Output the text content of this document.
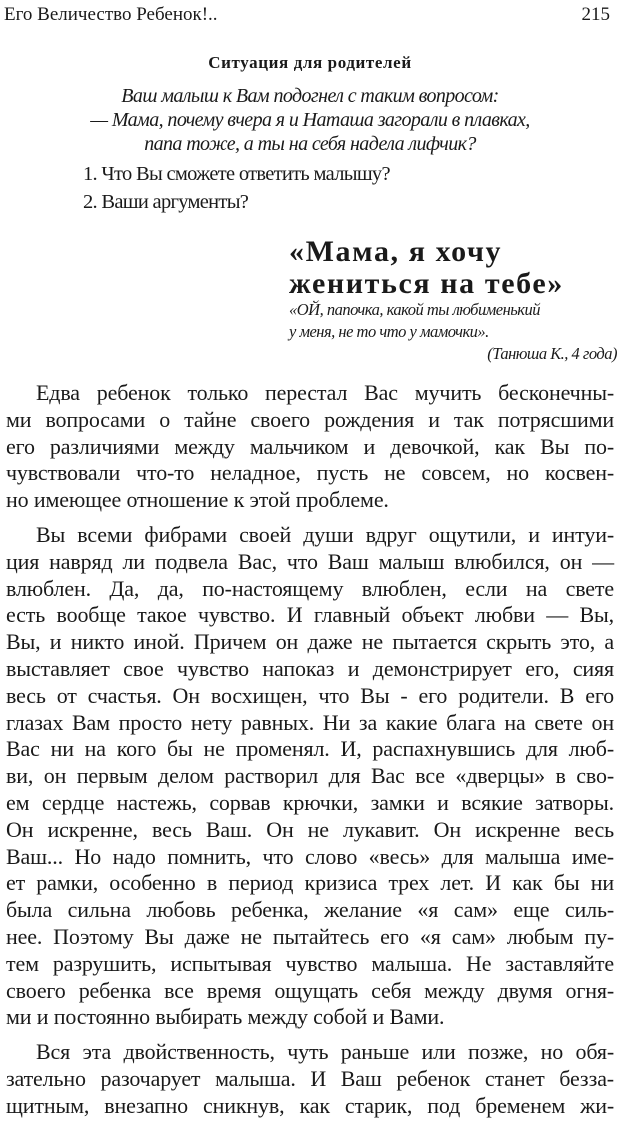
Его Величество Ребенок!..	215
Ситуация для родителей
Ваш малыш к Вам подогнел с таким вопросом:
— Мама, почему вчера я и Наташа загорали в плавках,
папа тоже, а ты на себя надела лифчик?
1. Что Вы сможете ответить малышу?
2. Ваши аргументы?
«Мама, я хочу
жениться на тебе»
«ОЙ, папочка, какой ты любименький
у меня, не то что у мамочки».
(Танюша К., 4 года)
Едва ребенок только перестал Вас мучить бесконечны-
ми вопросами о тайне своего рождения и так потрясшими
его различиями между мальчиком и девочкой, как Вы по-
чувствовали что-то неладное, пусть не совсем, но косвен-
но имеющее отношение к этой проблеме.
Вы всеми фибрами своей души вдруг ощутили, и интуи-
ция навряд ли подвела Вас, что Ваш малыш влюбился, он —
влюблен. Да, да, по-настоящему влюблен, если на свете
есть вообще такое чувство. И главный объект любви — Вы,
Вы, и никто иной. Причем он даже не пытается скрыть это, а
выставляет свое чувство напоказ и демонстрирует его, сияя
весь от счастья. Он восхищен, что Вы - его родители. В его
глазах Вам просто нету равных. Ни за какие блага на свете он
Вас ни на кого бы не променял. И, распахнувшись для люб-
ви, он первым делом растворил для Вас все «дверцы» в сво-
ем сердце настежь, сорвав крючки, замки и всякие затворы.
Он искренне, весь Ваш. Он не лукавит. Он искренне весь
Ваш... Но надо помнить, что слово «весь» для малыша име-
ет рамки, особенно в период кризиса трех лет. И как бы ни
была сильна любовь ребенка, желание «я сам» еще силь-
нее. Поэтому Вы даже не пытайтесь его «я сам» любым пу-
тем разрушить, испытывая чувство малыша. Не заставляйте
своего ребенка все время ощущать себя между двумя огня-
ми и постоянно выбирать между собой и Вами.
Вся эта двойственность, чуть раньше или позже, но обя-
зательно разочарует малыша. И Ваш ребенок станет безза-
щитным, внезапно сникнув, как старик, под бременем жи-
